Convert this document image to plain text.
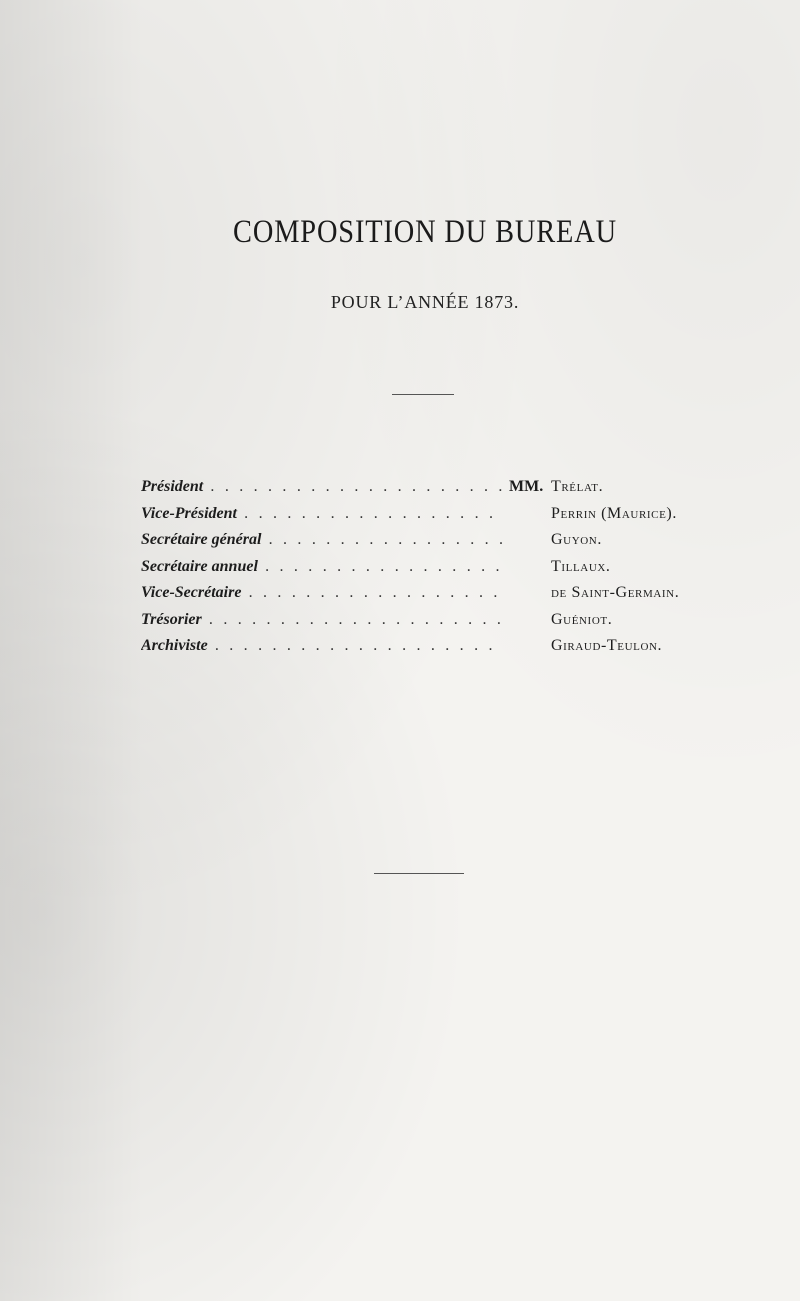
COMPOSITION DU BUREAU
POUR L’ANNÉE 1873.
Président . . .	MM. Trélat.
Vice-Président . . .	Perrin (Maurice).
Secrétaire général . . .	Guyon.
Secrétaire annuel . . .	Tillaux.
Vice-Secrétaire . . .	de Saint-Germain.
Trésorier . . .	Guéniot.
Archiviste . . .	Giraud-Teulon.
